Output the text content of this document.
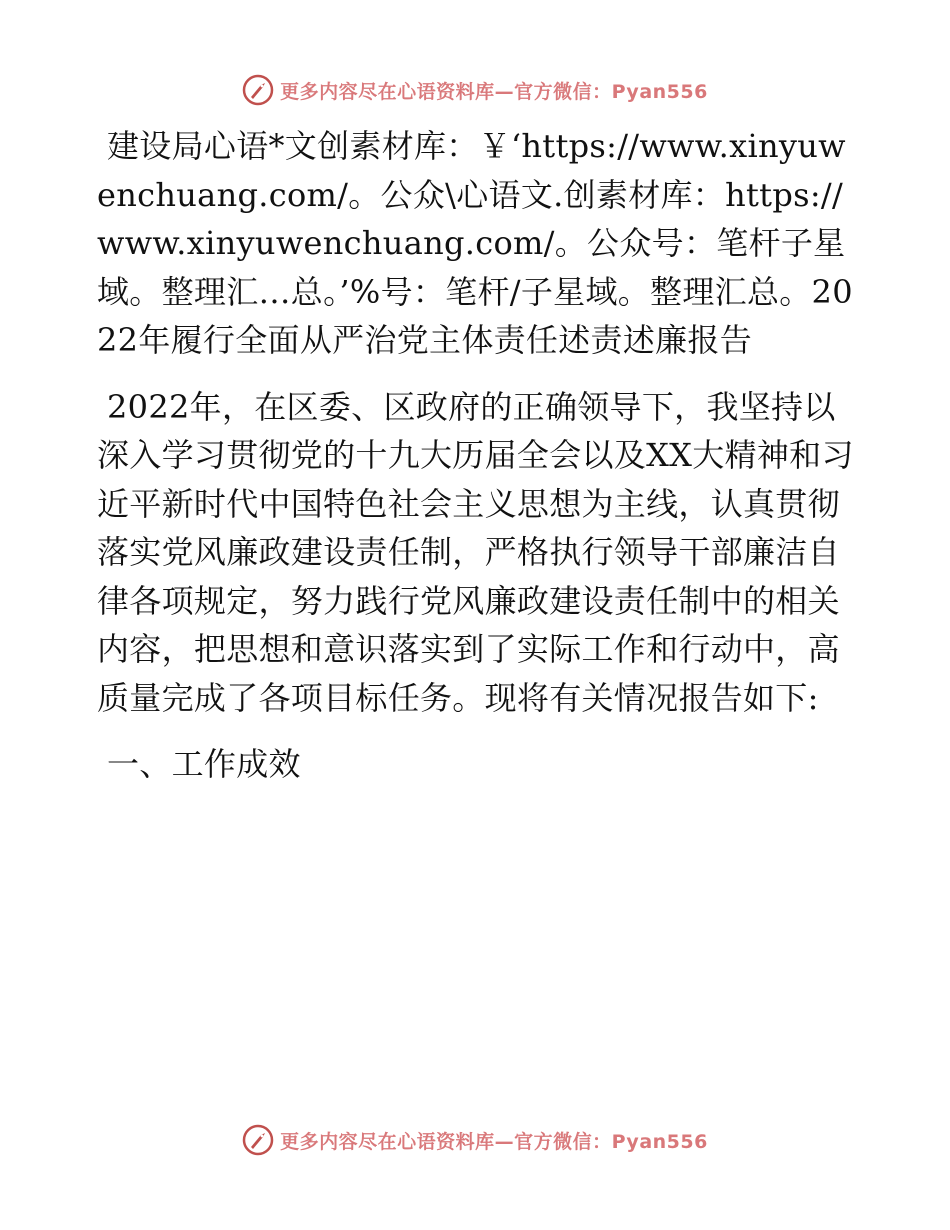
更多内容尽在心语资料库—官方微信：Pyan556

建设局心语*文创素材库：￥‘https://www.xinyuwenchuang.com/。公众\心语文.创素材库：https://www.xinyuwenchuang.com/。公众号：笔杆子星域。整理汇…总。’%号：笔杆/子星域。整理汇总。2022年履行全面从严治党主体责任述责述廉报告

2022年，在区委、区政府的正确领导下，我坚持以深入学习贯彻党的十九大历届全会以及XX大精神和习近平新时代中国特色社会主义思想为主线，认真贯彻落实党风廉政建设责任制，严格执行领导干部廉洁自律各项规定，努力践行党风廉政建设责任制中的相关内容，把思想和意识落实到了实际工作和行动中，高质量完成了各项目标任务。现将有关情况报告如下:

一、工作成效

更多内容尽在心语资料库—官方微信：Pyan556
